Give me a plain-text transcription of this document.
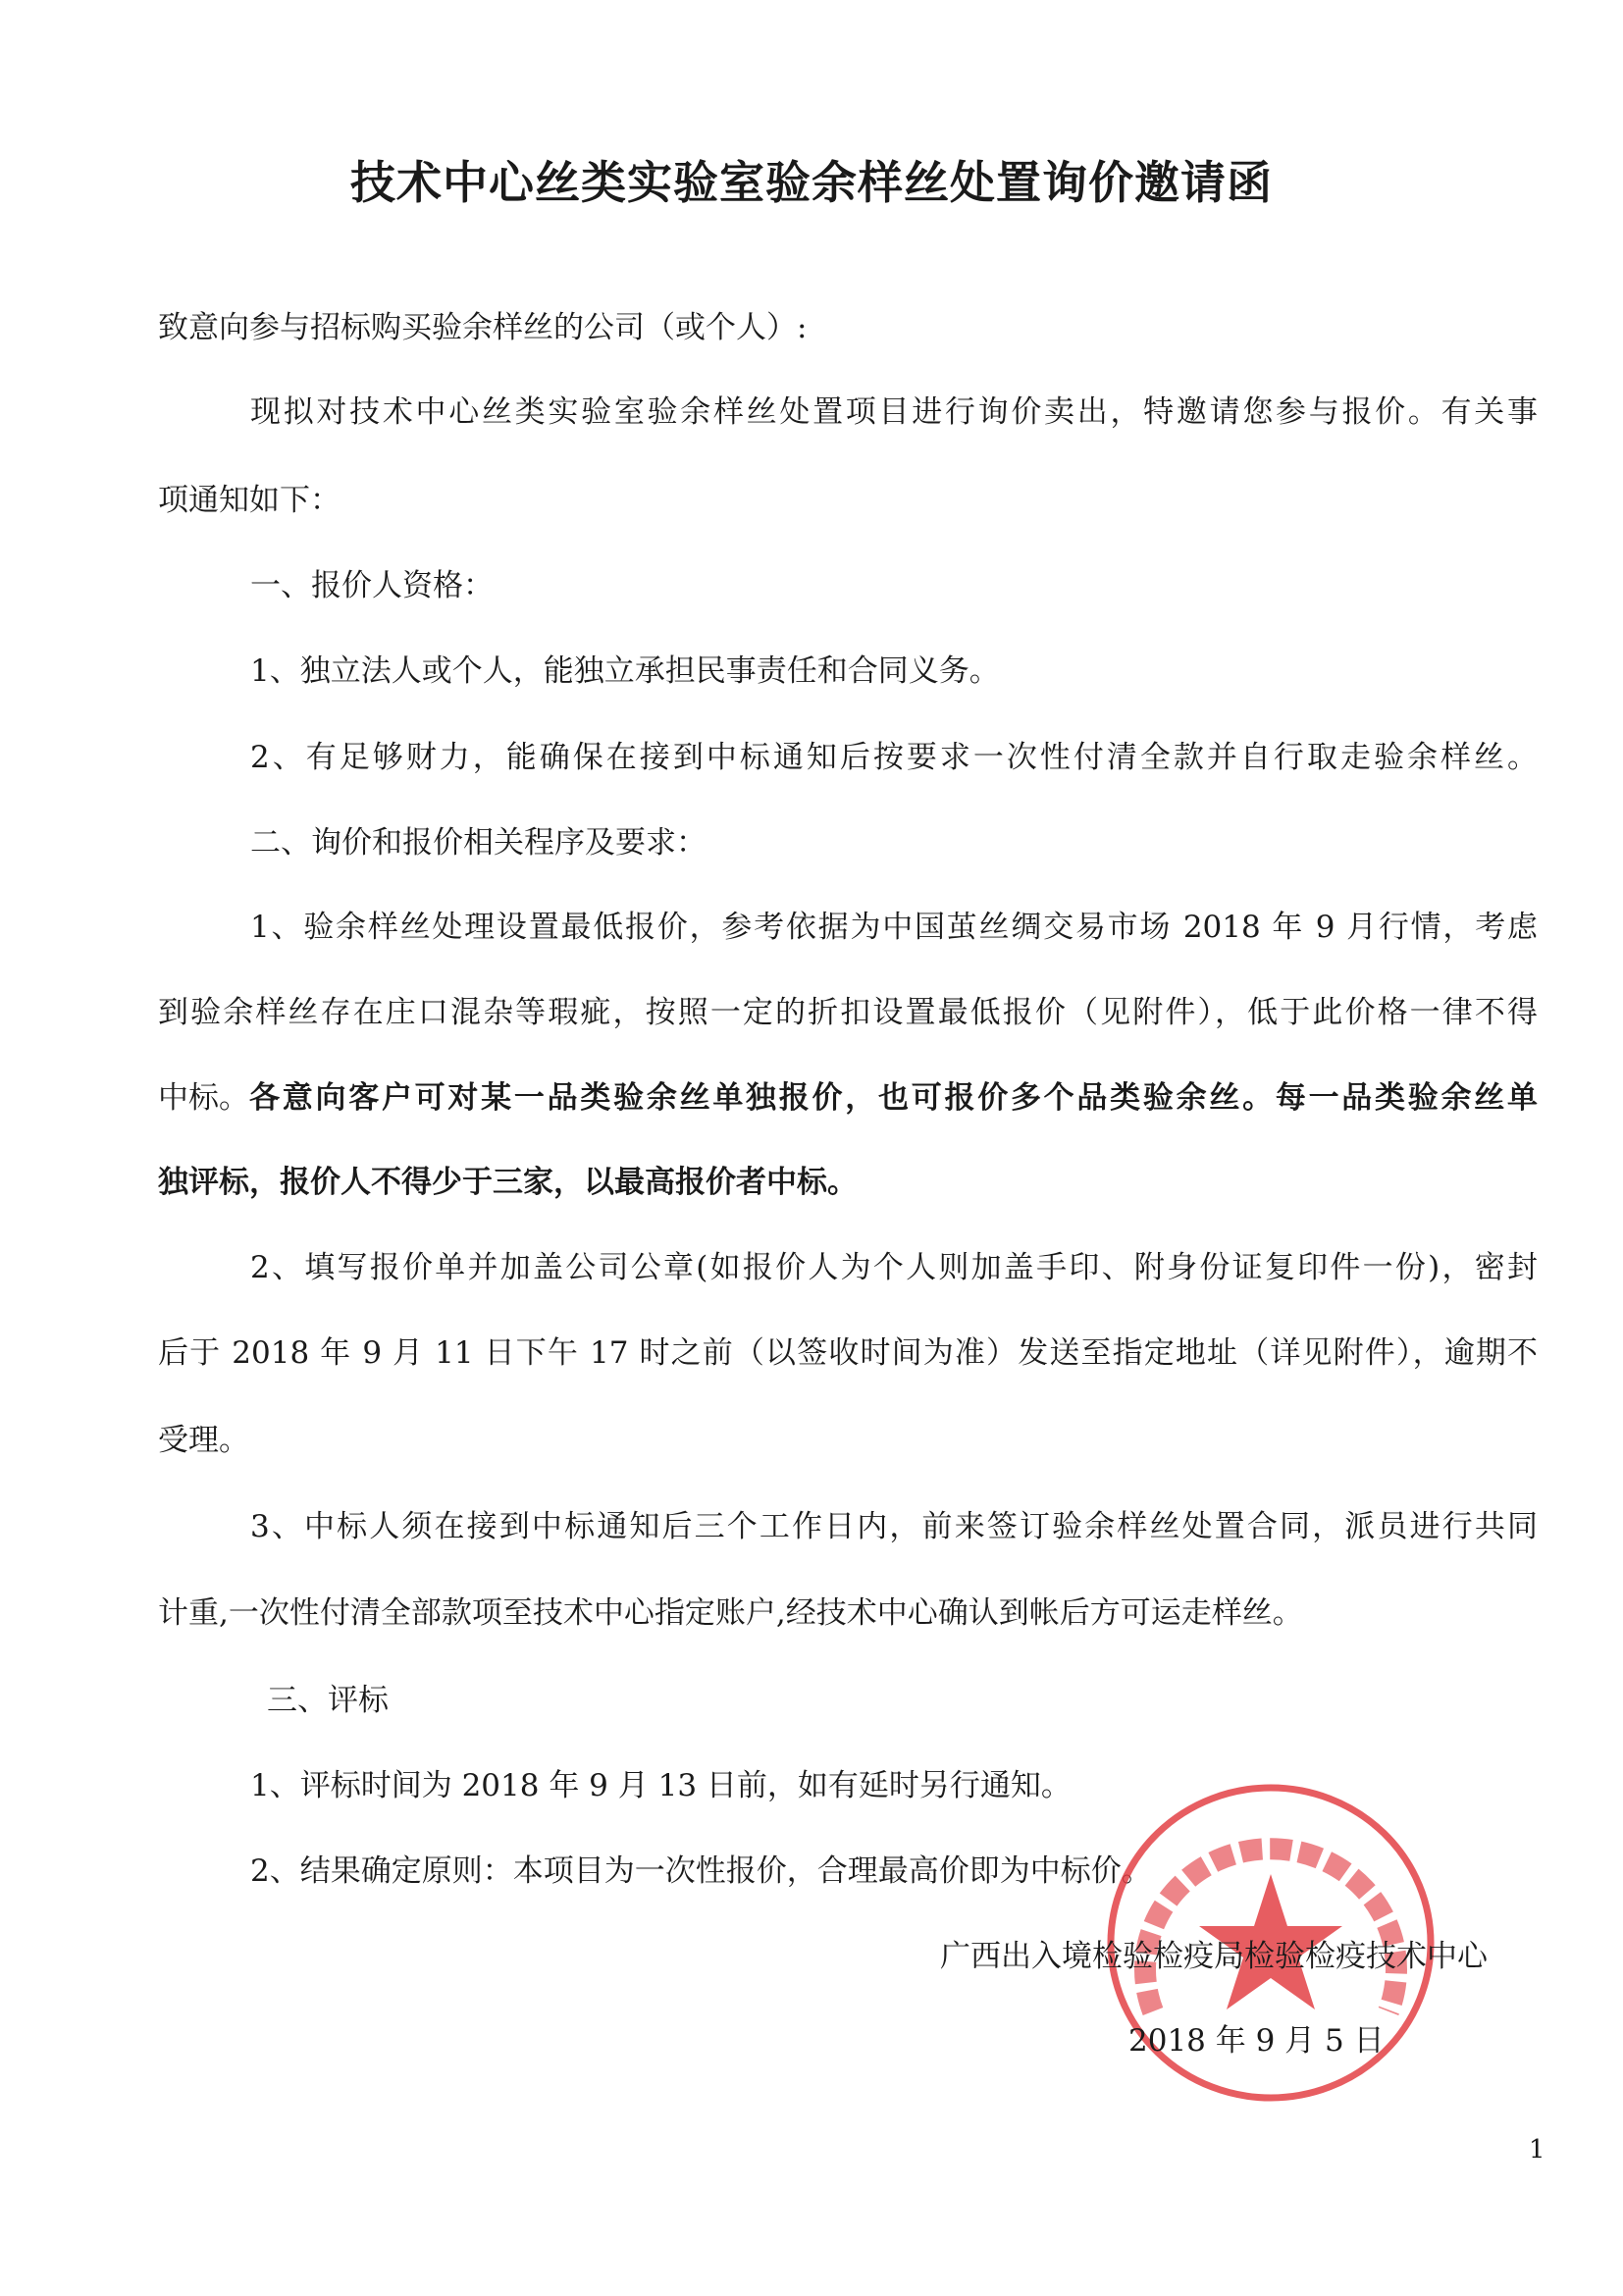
技术中心丝类实验室验余样丝处置询价邀请函
致意向参与招标购买验余样丝的公司（或个人）:
现拟对技术中心丝类实验室验余样丝处置项目进行询价卖出，特邀请您参与报价。有关事
项通知如下：
一、报价人资格：
1、独立法人或个人，能独立承担民事责任和合同义务。
2、有足够财力，能确保在接到中标通知后按要求一次性付清全款并自行取走验余样丝。
二、询价和报价相关程序及要求：
1、验余样丝处理设置最低报价，参考依据为中国茧丝绸交易市场 2018 年 9 月行情，考虑
到验余样丝存在庄口混杂等瑕疵，按照一定的折扣设置最低报价（见附件），低于此价格一律不得
中标。 各意向客户可对某一品类验余丝单独报价，也可报价多个品类验余丝。每一品类验余丝单
独评标，报价人不得少于三家，以最高报价者中标。
2、填写报价单并加盖公司公章(如报价人为个人则加盖手印、附身份证复印件一份)，密封
后于 2018 年 9 月 11 日下午 17 时之前（以签收时间为准）发送至指定地址（详见附件），逾期不
受理。
3、中标人须在接到中标通知后三个工作日内，前来签订验余样丝处置合同，派员进行共同
计重,一次性付清全部款项至技术中心指定账户,经技术中心确认到帐后方可运走样丝。
三、评标
1、评标时间为 2018 年 9 月 13 日前，如有延时另行通知。
2、结果确定原则：本项目为一次性报价，合理最高价即为中标价。
广西出入境检验检疫局检验检疫技术中心
2018 年 9 月 5 日
1
